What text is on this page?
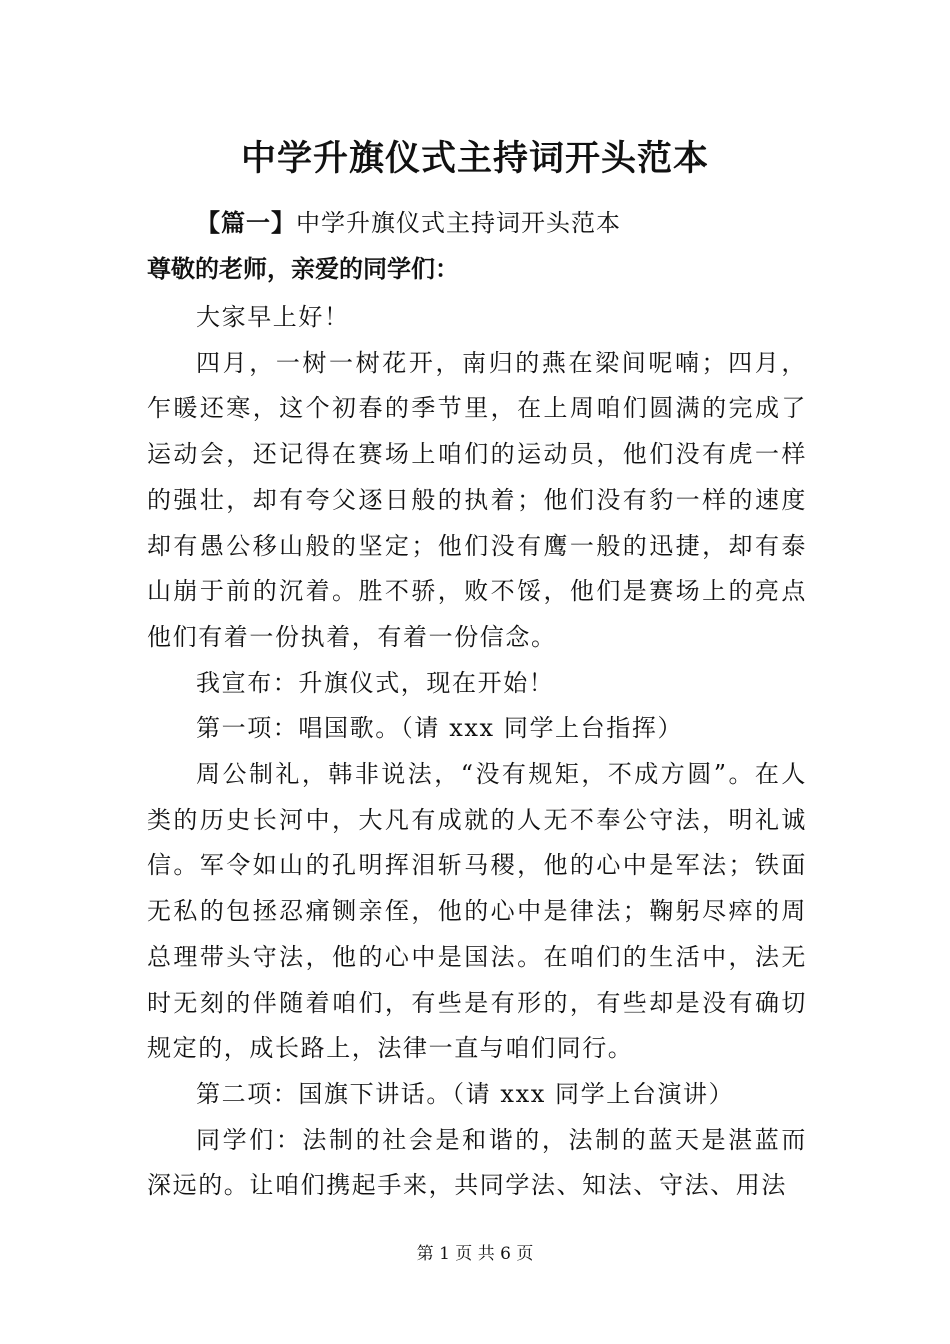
中学升旗仪式主持词开头范本
【篇一】中学升旗仪式主持词开头范本
尊敬的老师，亲爱的同学们：

大家早上好！

四月，一树一树花开，南归的燕在梁间呢喃；四月，乍暖还寒，这个初春的季节里，在上周咱们圆满的完成了运动会，还记得在赛场上咱们的运动员，他们没有虎一样的强壮，却有夸父逐日般的执着；他们没有豹一样的速度却有愚公移山般的坚定；他们没有鹰一般的迅捷，却有泰山崩于前的沉着。胜不骄，败不馁，他们是赛场上的亮点他们有着一份执着，有着一份信念。

我宣布：升旗仪式，现在开始！

第一项：唱国歌。（请 xxx 同学上台指挥）

周公制礼，韩非说法，“没有规矩，不成方圆”。在人类的历史长河中，大凡有成就的人无不奉公守法，明礼诚信。军令如山的孔明挥泪斩马稷，他的心中是军法；铁面无私的包拯忍痛铡亲侄，他的心中是律法；鞠躬尽瘁的周总理带头守法，他的心中是国法。在咱们的生活中，法无时无刻的伴随着咱们，有些是有形的，有些却是没有确切规定的，成长路上，法律一直与咱们同行。

第二项：国旗下讲话。（请 xxx 同学上台演讲）

同学们：法制的社会是和谐的，法制的蓝天是湛蓝而深远的。让咱们携起手来，共同学法、知法、守法、用法

第 1 页 共 6 页
